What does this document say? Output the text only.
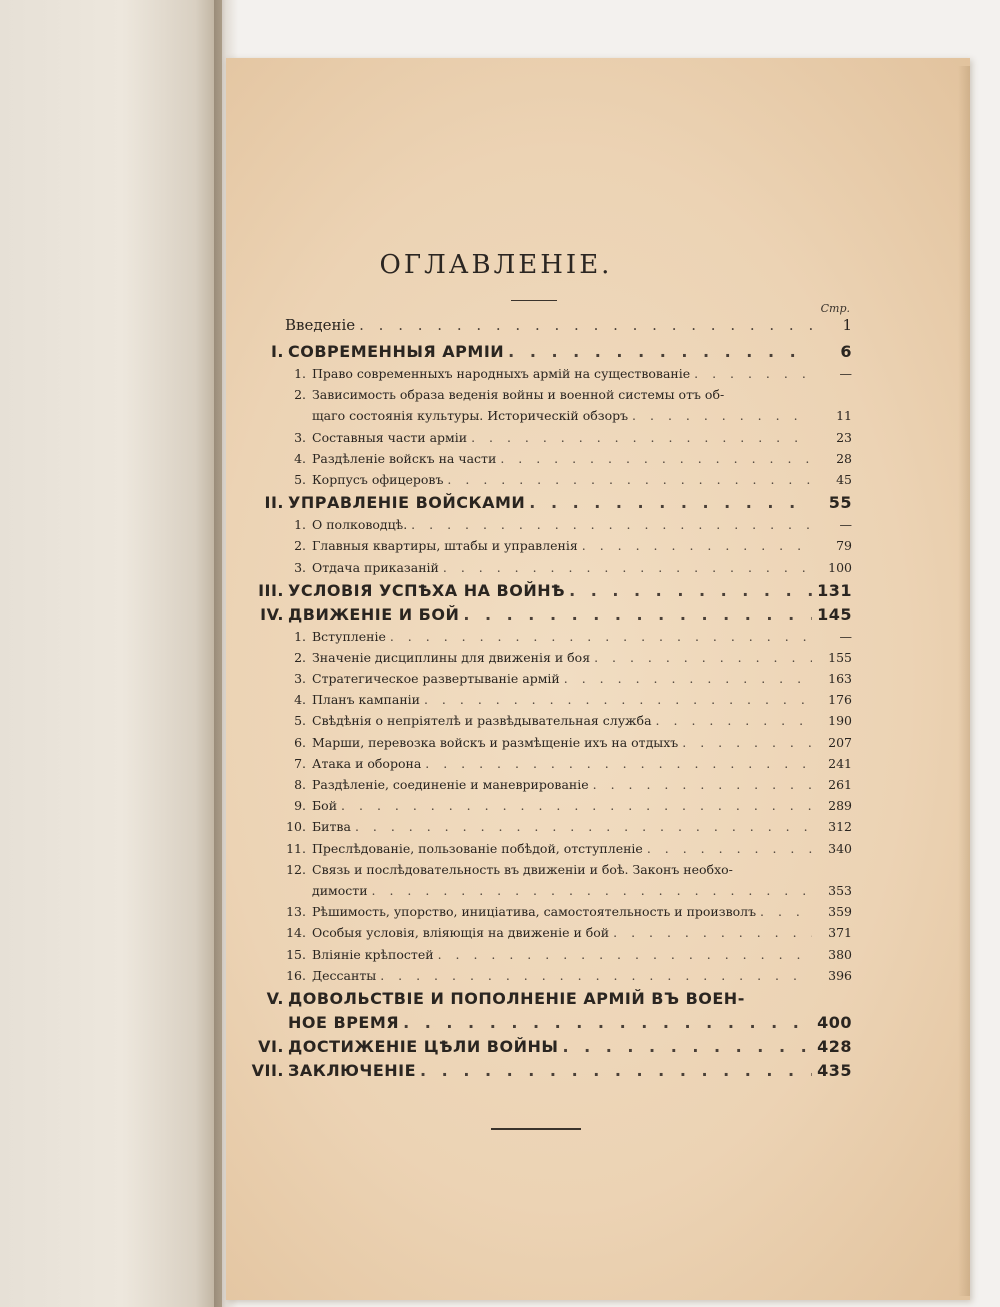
ОГЛАВЛЕНІЕ.
Стр.
Введеніе . . .	1
I. СОВРЕМЕННЫЯ АРМІИ . . .	6
1. Право современныхъ народныхъ армій на существованіе . . .	—
2. Зависимость образа веденія войны и военной системы отъ об-
щаго состоянія культуры. Историческій обзоръ . . .	11
3. Составныя части арміи . . .	23
4. Раздѣленіе войскъ на части . . .	28
5. Корпусъ офицеровъ . . .	45
II. УПРАВЛЕНІЕ ВОЙСКАМИ . . .	55
1. О полководцѣ. . . .	—
2. Главныя квартиры, штабы и управленія . . .	79
3. Отдача приказаній . . .	100
III. УСЛОВІЯ УСПѢХА НА ВОЙНѢ . . .	131
IV. ДВИЖЕНІЕ И БОЙ . . .	145
1. Вступленіе . . .	—
2. Значеніе дисциплины для движенія и боя . . .	155
3. Стратегическое развертываніе армій . . .	163
4. Планъ кампаніи . . .	176
5. Свѣдѣнія о непріятелѣ и развѣдывательная служба . . .	190
6. Марши, перевозка войскъ и размѣщеніе ихъ на отдыхъ . . .	207
7. Атака и оборона . . .	241
8. Раздѣленіе, соединеніе и маневрированіе . . .	261
9. Бой . . .	289
10. Битва . . .	312
11. Преслѣдованіе, пользованіе побѣдой, отступленіе . . .	340
12. Связь и послѣдовательность въ движеніи и боѣ. Законъ необхо-
димости . . .	353
13. Рѣшимость, упорство, иниціатива, самостоятельность и произволъ . . .	359
14. Особыя условія, вліяющія на движеніе и бой . . .	371
15. Вліяніе крѣпостей . . .	380
16. Дессанты . . .	396
V. ДОВОЛЬСТВІЕ И ПОПОЛНЕНІЕ АРМІЙ ВЪ ВОЕН-
НОЕ ВРЕМЯ . . .	400
VI. ДОСТИЖЕНІЕ ЦѢЛИ ВОЙНЫ . . .	428
VII. ЗАКЛЮЧЕНІЕ . . .	435
